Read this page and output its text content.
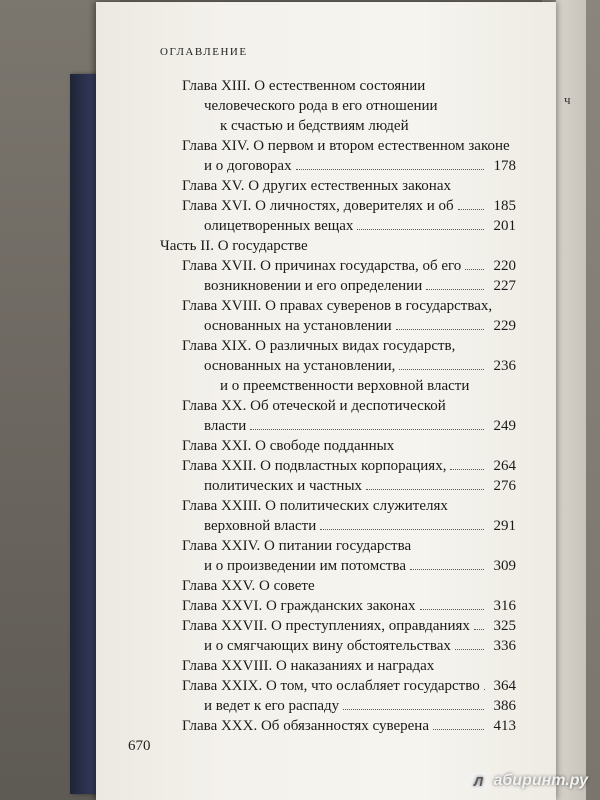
ч
ОГЛАВЛЕНИЕ
Глава XIII. О естественном состоянии
человеческого рода в его отношении
к счастью и бедствиям людей
Глава XIV. О первом и втором естественном законе
и о договорах	178
Глава XV. О других естественных законах
Глава XVI. О личностях, доверителях и об	185
олицетворенных вещах	201
Часть II. О государстве
Глава XVII. О причинах государства, об его	220
возникновении и его определении	227
Глава XVIII. О правах суверенов в государствах,
основанных на установлении	229
Глава XIX. О различных видах государств,
основанных на установлении,	236
и о преемственности верховной власти
Глава XX. Об отеческой и деспотической
власти	249
Глава XXI. О свободе подданных
Глава XXII. О подвластных корпорациях,	264
политических и частных	276
Глава XXIII. О политических служителях
верховной власти	291
Глава XXIV. О питании государства
и о произведении им потомства	309
Глава XXV. О совете
Глава XXVI. О гражданских законах	316
Глава XXVII. О преступлениях, оправданиях	325
и о смягчающих вину обстоятельствах	336
Глава XXVIII. О наказаниях и наградах
Глава XXIX. О том, что ослабляет государство 364
и ведет к его распаду	386
Глава XXX. Об обязанностях суверена	413
670
Л абиринт.ру
